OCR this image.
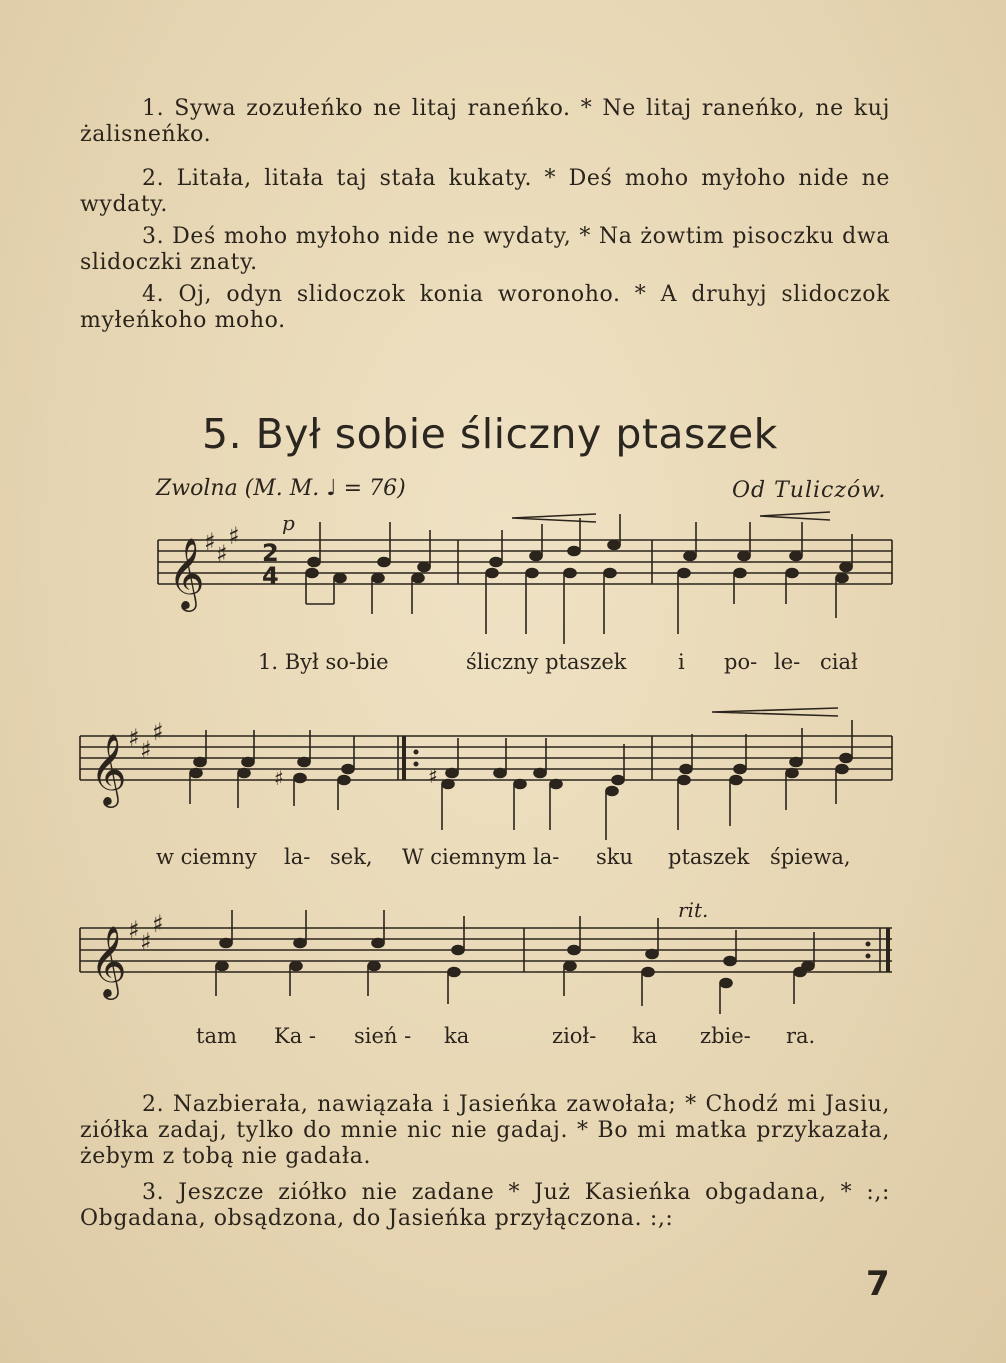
1. Sywa zozułeńko ne litaj raneńko. * Ne litaj raneńko, ne kuj żalisneńko.

2. Litała, litała taj stała kukaty. * Deś moho myłoho nide ne wydaty.

3. Deś moho myłoho nide ne wydaty, * Na żowtim pisoczku dwa slidoczki znaty.

4. Oj, odyn slidoczok konia woronoho. * A druhyj slidoczok myłeńkoho moho.

5. Był sobie śliczny ptaszek
Zwolna (M. M. ♩ = 76)	Od Tuliczów.
𝄞 ♯ ♯
♯
2
4
p
1. Był so-bie	śliczny ptaszek i po- le- ciał
𝄞 ♯ ♯
♯
♯	♯
w ciemny la- sek, W ciemnym la- sku ptaszek śpiewa,
rit.
𝄞 ♯ ♯
♯
tam Ka - sień - ka	zioł- ka zbie- ra.

2. Nazbierała, nawiązała i Jasieńka zawołała; * Chodź mi Jasiu, ziółka zadaj, tylko do mnie nic nie gadaj. * Bo mi matka przykazała, żebym z tobą nie gadała.

3. Jeszcze ziółko nie zadane * Już Kasieńka obgadana, * :,: Obgadana, obsądzona, do Jasieńka przyłączona. :,:

7
